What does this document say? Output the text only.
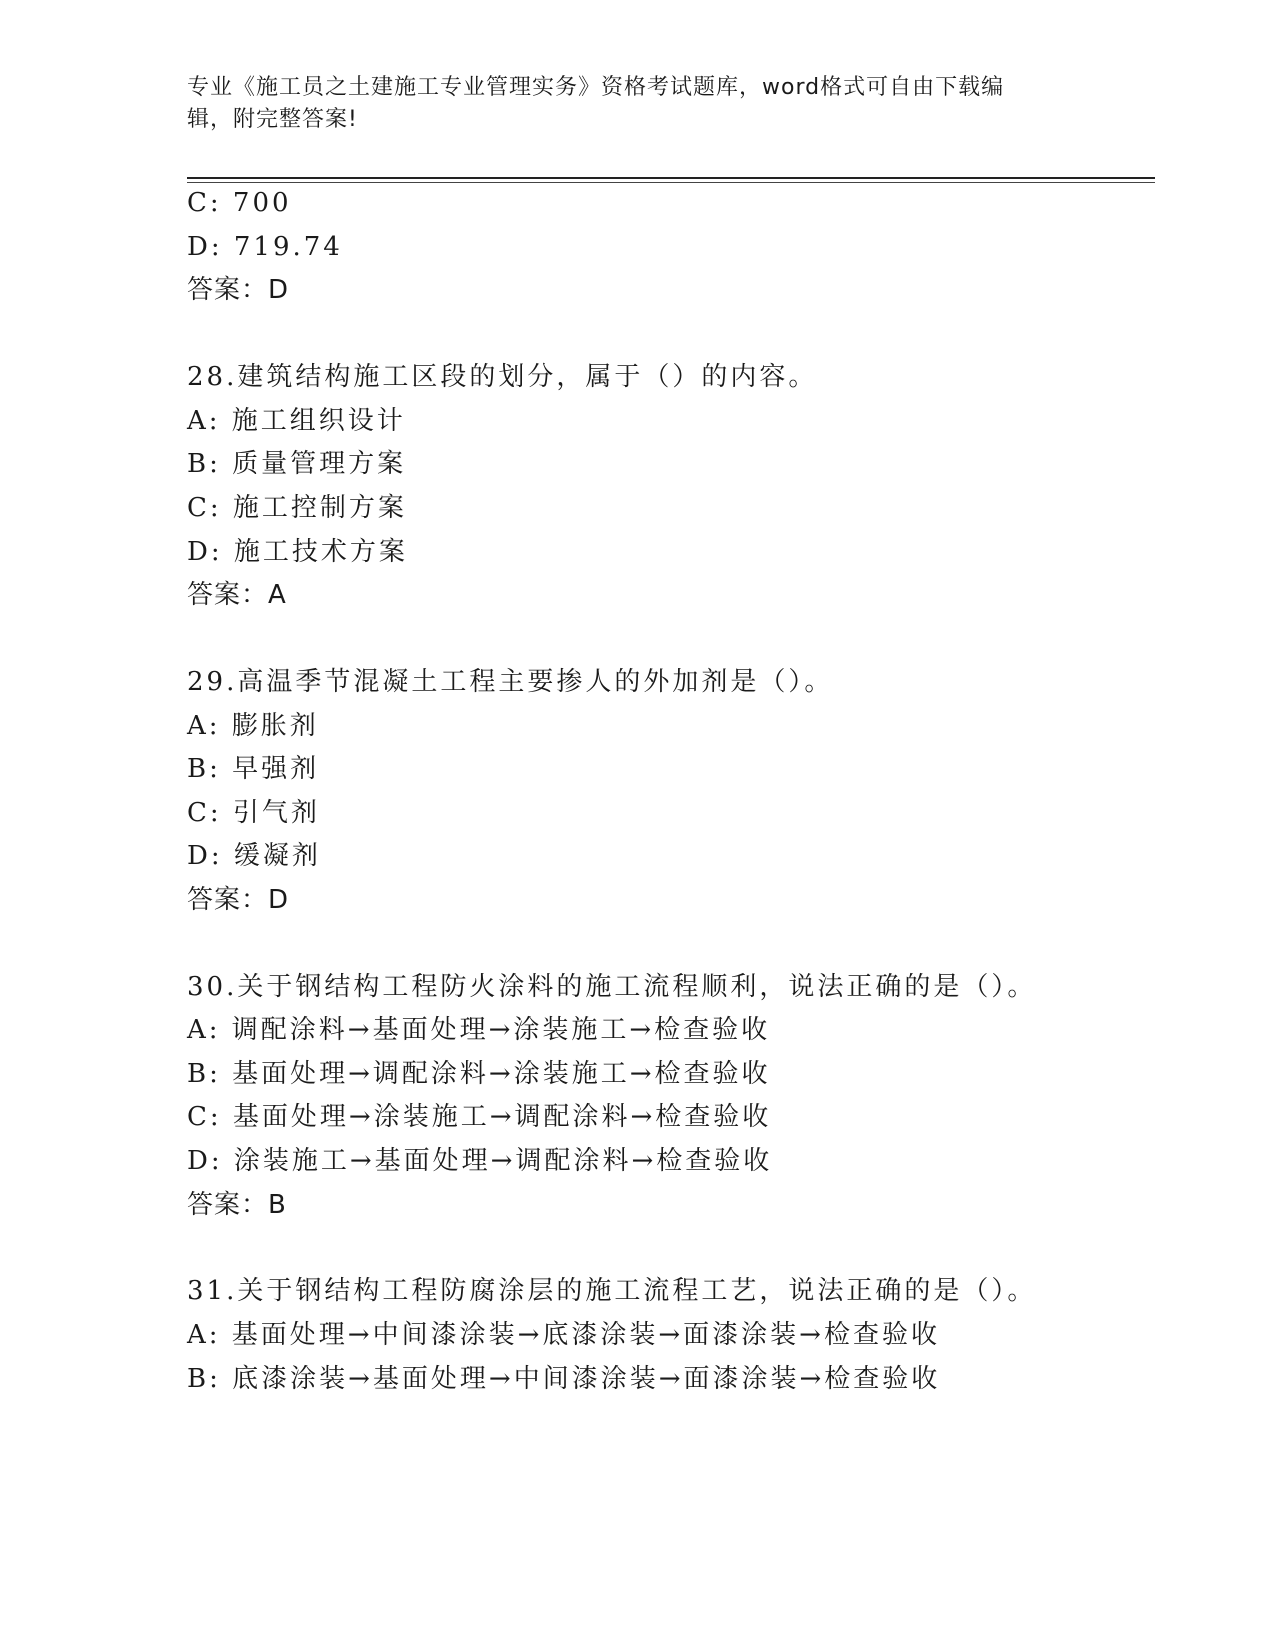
专业《施工员之土建施工专业管理实务》资格考试题库，word格式可自由下载编
辑，附完整答案!
C: 700
D: 719.74
答案：D
28.建筑结构施工区段的划分，属于（）的内容。
A: 施工组织设计
B: 质量管理方案
C: 施工控制方案
D: 施工技术方案
答案：A
29.高温季节混凝土工程主要掺人的外加剂是（）。
A: 膨胀剂
B: 早强剂
C: 引气剂
D: 缓凝剂
答案：D
30.关于钢结构工程防火涂料的施工流程顺利，说法正确的是（）。
A: 调配涂料→基面处理→涂装施工→检查验收
B: 基面处理→调配涂料→涂装施工→检查验收
C: 基面处理→涂装施工→调配涂料→检查验收
D: 涂装施工→基面处理→调配涂料→检查验收
答案：B
31.关于钢结构工程防腐涂层的施工流程工艺，说法正确的是（）。
A: 基面处理→中间漆涂装→底漆涂装→面漆涂装→检查验收
B: 底漆涂装→基面处理→中间漆涂装→面漆涂装→检查验收
